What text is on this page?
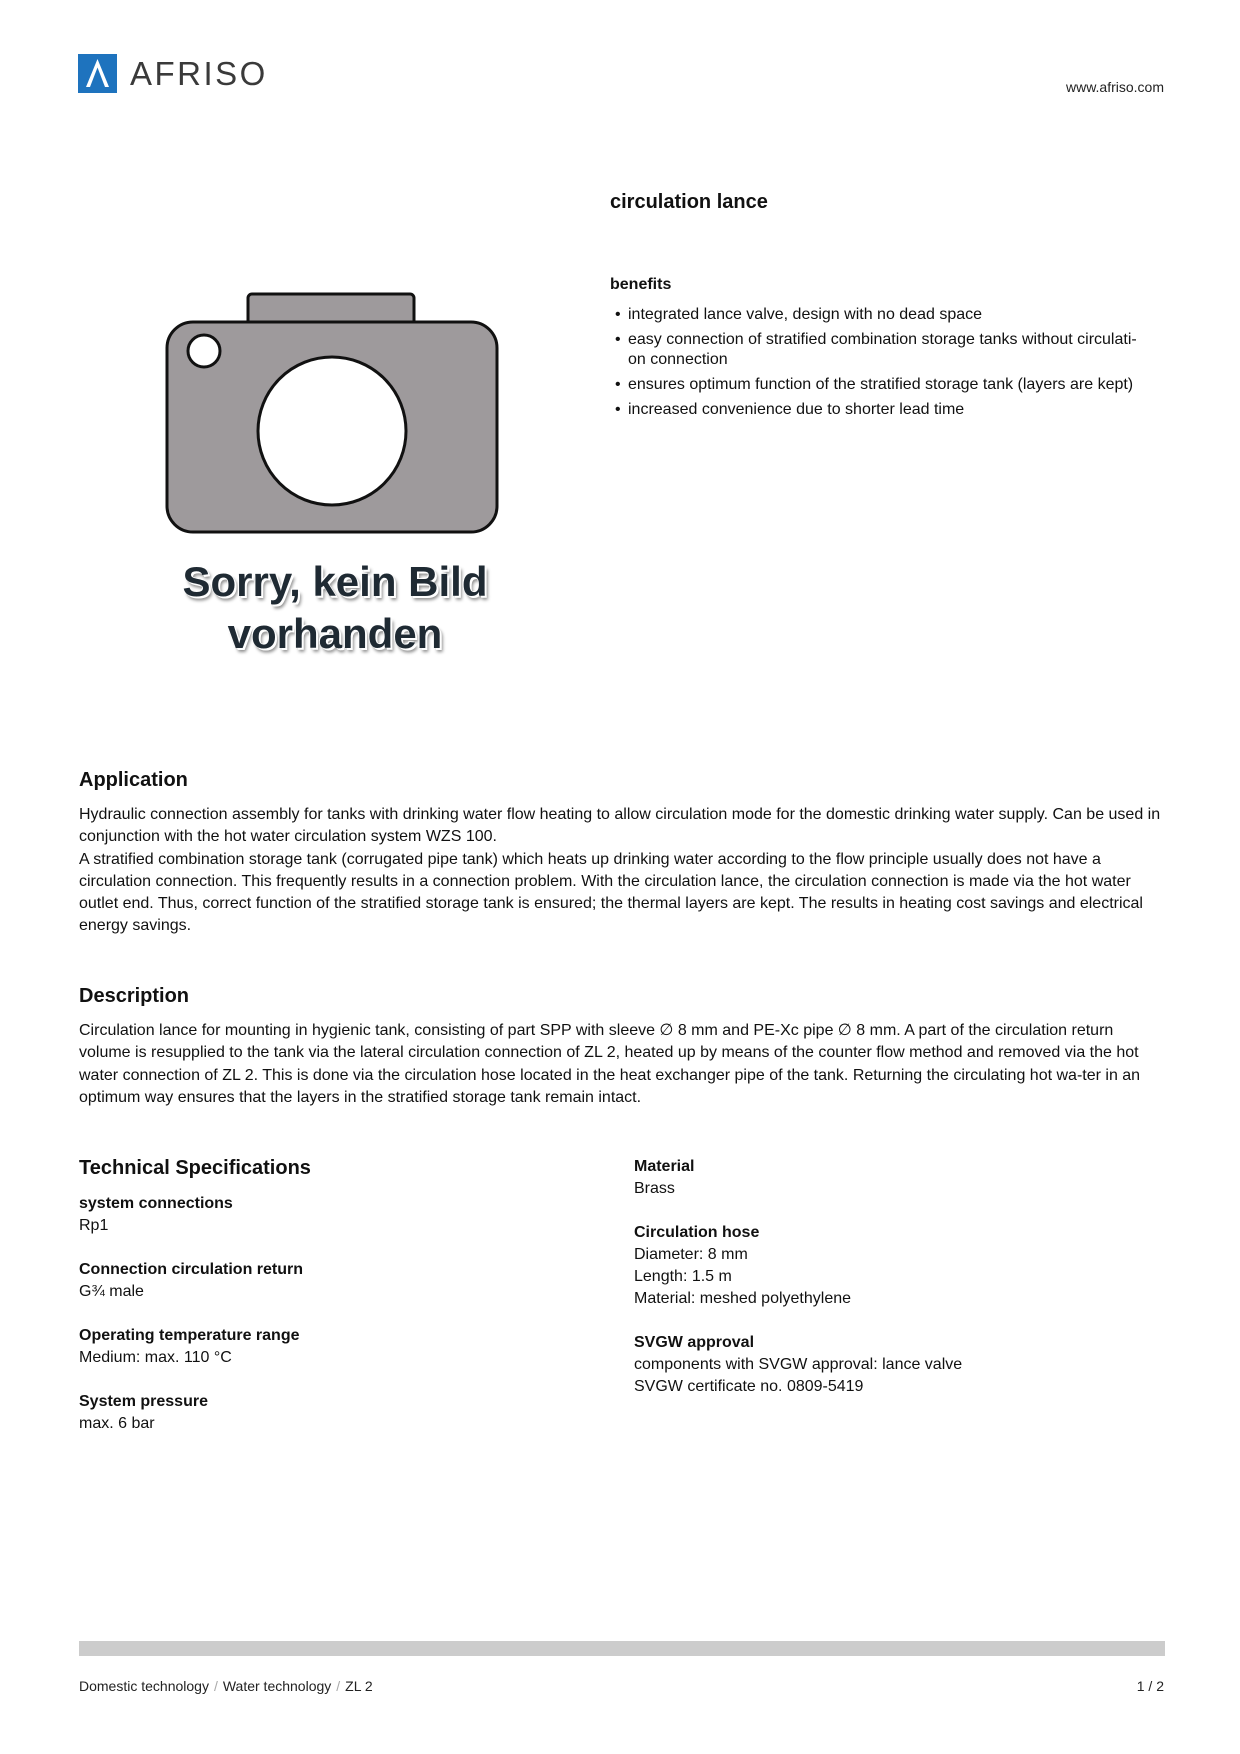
AFRISO	www.afriso.com
circulation lance
benefits
• integrated lance valve, design with no dead space
• easy connection of stratified combination storage tanks without circulati-
on connection
• ensures optimum function of the stratified storage tank (layers are kept)
• increased convenience due to shorter lead time
Sorry, kein Bild vorhanden
Application

Hydraulic connection assembly for tanks with drinking water flow heating to allow circulation mode for the domestic drinking water supply. Can be used in conjunction with the hot water circulation system WZS 100.
A stratified combination storage tank (corrugated pipe tank) which heats up drinking water according to the flow principle usually does not have a circulation connection. This frequently results in a connection problem. With the circulation lance, the circulation connection is made via the hot water outlet end. Thus, correct function of the stratified storage tank is ensured; the thermal layers are kept. The results in heating cost savings and electrical energy savings.

Description

Circulation lance for mounting in hygienic tank, consisting of part SPP with sleeve ∅ 8 mm and PE-Xc pipe ∅ 8 mm. A part of the circulation return volume is resupplied to the tank via the lateral circulation connection of ZL 2, heated up by means of the counter flow method and removed via the hot water connection of ZL 2. This is done via the circulation hose located in the heat exchanger pipe of the tank. Returning the circulating hot wa-ter in an optimum way ensures that the layers in the stratified storage tank remain intact.

Technical Specifications
system connections
Rp1
Connection circulation return
G¾ male
Operating temperature range
Medium: max. 110 °C
System pressure
max. 6 bar
Material
Brass
Circulation hose
Diameter: 8 mm
Length: 1.5 m
Material: meshed polyethylene
SVGW approval
components with SVGW approval: lance valve
SVGW certificate no. 0809-5419
Domestic technology / Water technology / ZL 2	1 / 2
